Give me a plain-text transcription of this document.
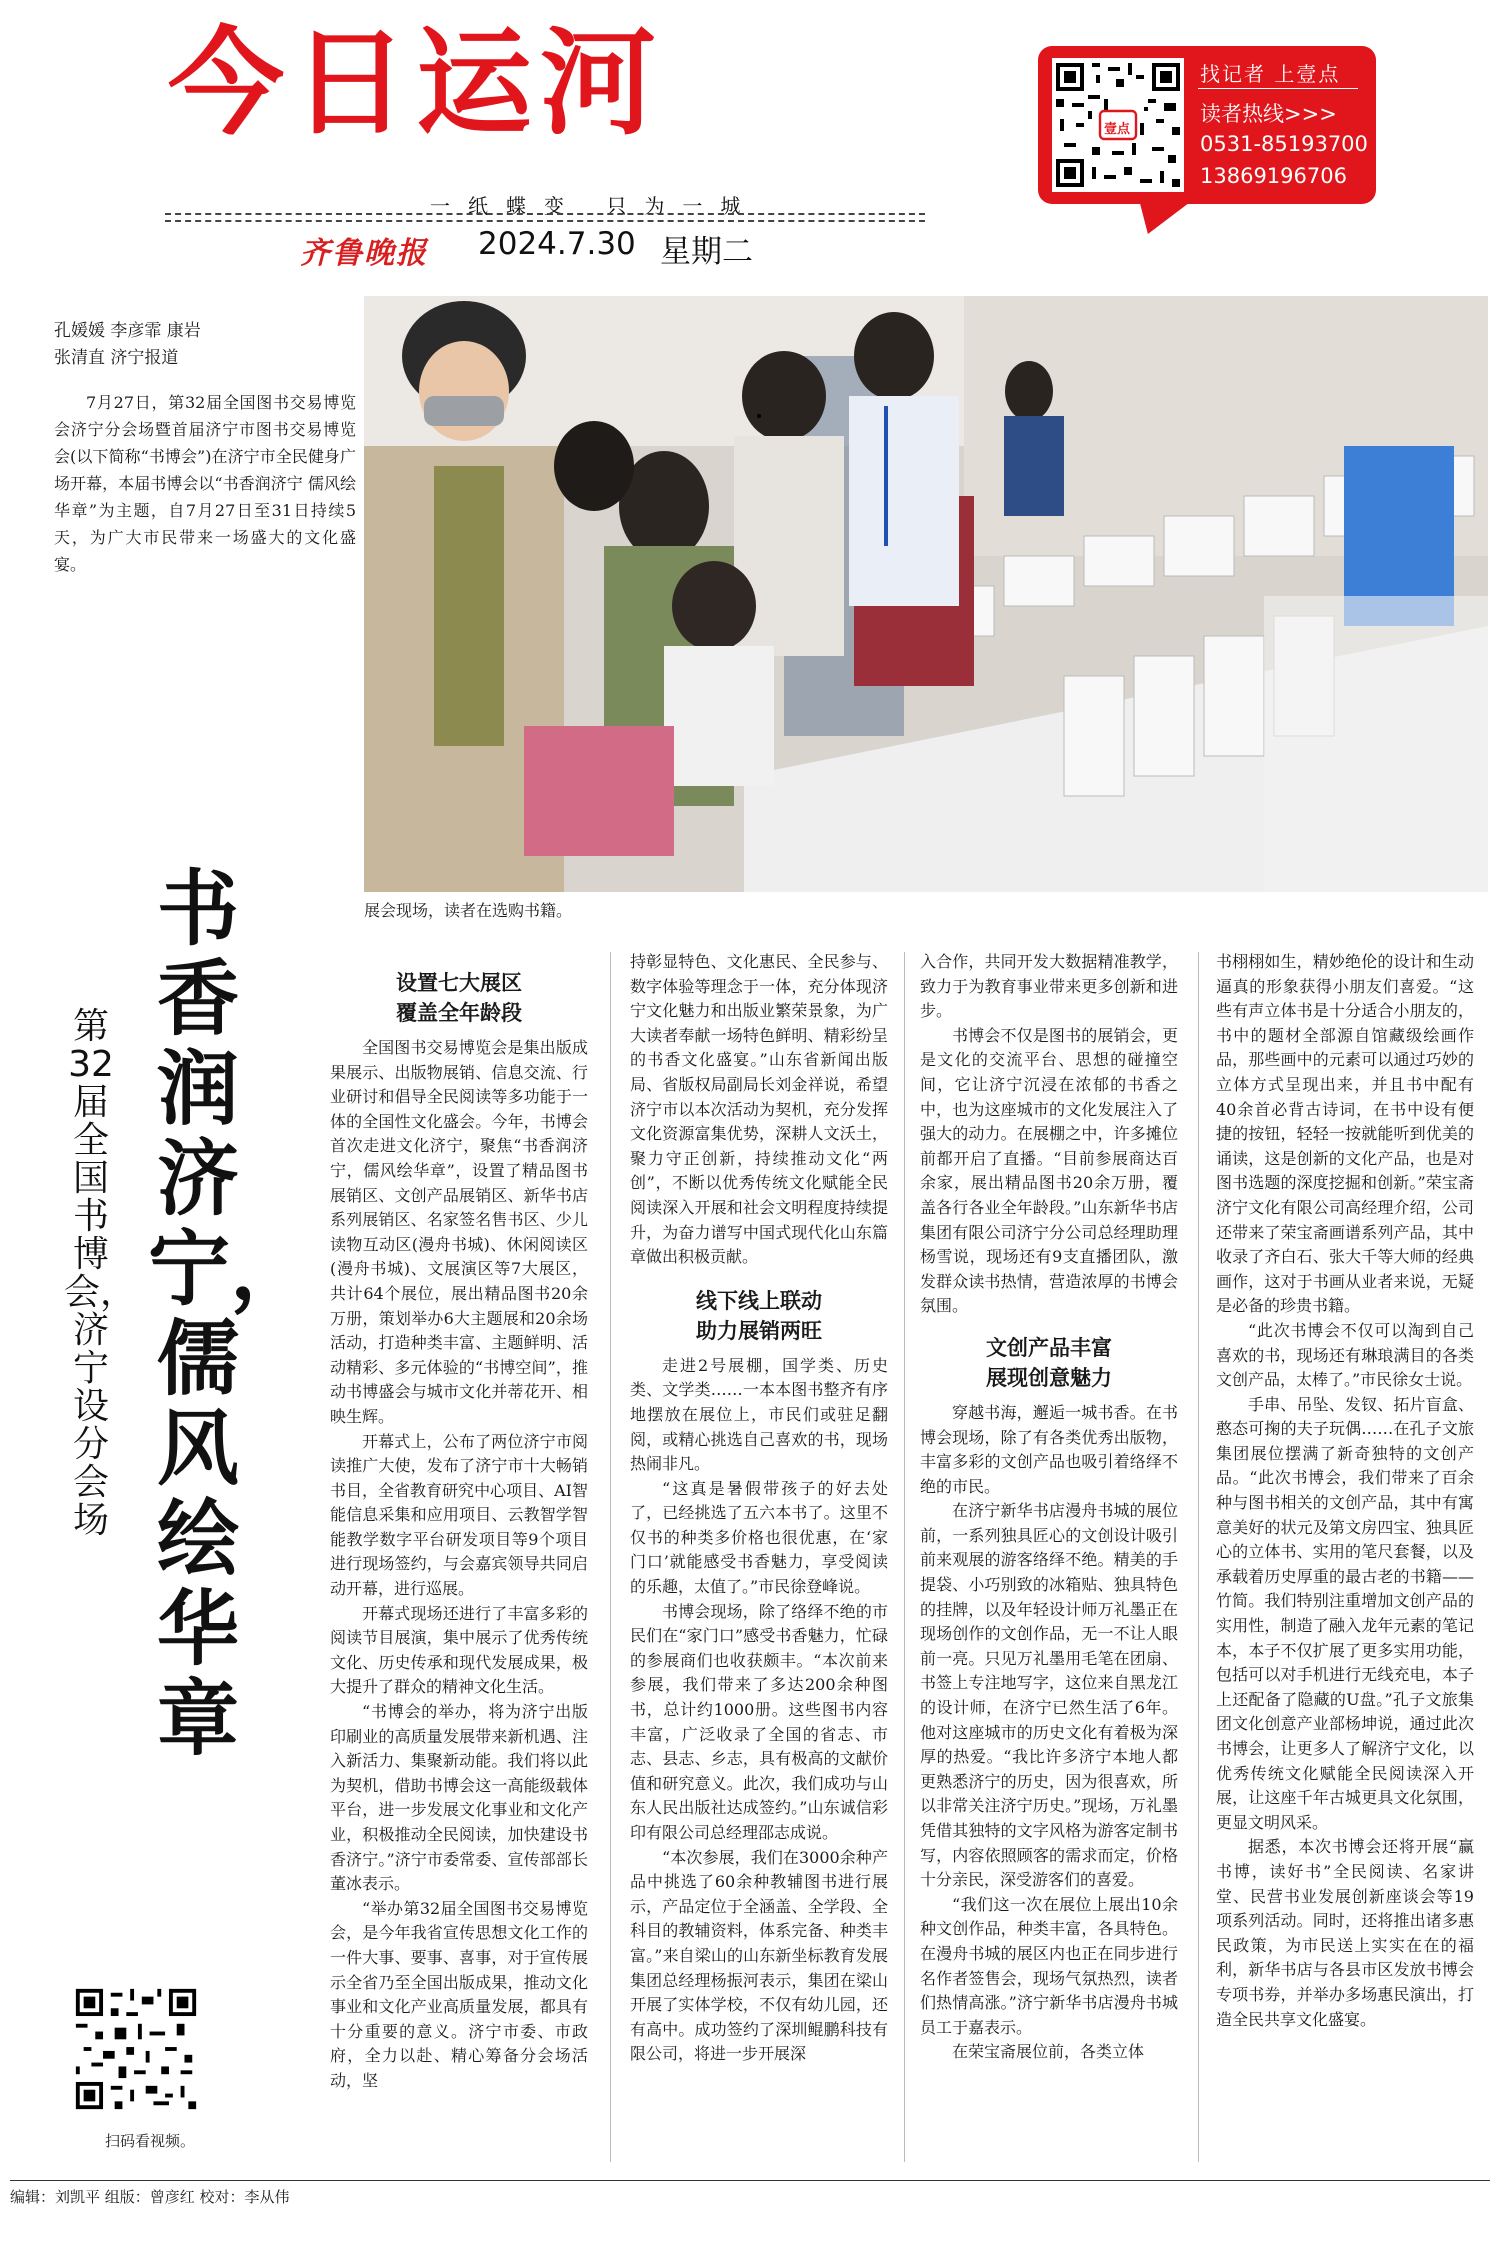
今日运河
一纸蝶变 只为一城
齐鲁晚报 2024.7.30 星期二
壹点
找记者 上壹点
读者热线>>>
0531-85193700
13869196706
孔媛媛 李彦霏 康岩
张清直 济宁报道
7月27日，第32届全国图书交易博览会济宁分会场暨首届济宁市图书交易博览会(以下简称“书博会”)在济宁市全民健身广场开幕，本届书博会以“书香润济宁 儒风绘华章”为主题，自7月27日至31日持续5天，为广大市民带来一场盛大的文化盛宴。
展会现场，读者在选购书籍。
书香润济宁，儒风绘华章
第32届全国书博会，济宁设分会场
设置七大展区
覆盖全年龄段

全国图书交易博览会是集出版成果展示、出版物展销、信息交流、行业研讨和倡导全民阅读等多功能于一体的全国性文化盛会。今年，书博会首次走进文化济宁，聚焦“书香润济宁，儒风绘华章”，设置了精品图书展销区、文创产品展销区、新华书店系列展销区、名家签名售书区、少儿读物互动区(漫舟书城)、休闲阅读区(漫舟书城)、文展演区等7大展区，共计64个展位，展出精品图书20余万册，策划举办6大主题展和20余场活动，打造种类丰富、主题鲜明、活动精彩、多元体验的“书博空间”，推动书博盛会与城市文化并蒂花开、相映生辉。

开幕式上，公布了两位济宁市阅读推广大使，发布了济宁市十大畅销书目，全省教育研究中心项目、AI智能信息采集和应用项目、云教智学智能教学数字平台研发项目等9个项目进行现场签约，与会嘉宾领导共同启动开幕，进行巡展。

开幕式现场还进行了丰富多彩的阅读节目展演，集中展示了优秀传统文化、历史传承和现代发展成果，极大提升了群众的精神文化生活。

“书博会的举办，将为济宁出版印刷业的高质量发展带来新机遇、注入新活力、集聚新动能。我们将以此为契机，借助书博会这一高能级载体平台，进一步发展文化事业和文化产业，积极推动全民阅读，加快建设书香济宁。”济宁市委常委、宣传部部长董冰表示。

“举办第32届全国图书交易博览会，是今年我省宣传思想文化工作的一件大事、要事、喜事，对于宣传展示全省乃至全国出版成果，推动文化事业和文化产业高质量发展，都具有十分重要的意义。济宁市委、市政府，全力以赴、精心筹备分会场活动，坚

持彰显特色、文化惠民、全民参与、数字体验等理念于一体，充分体现济宁文化魅力和出版业繁荣景象，为广大读者奉献一场特色鲜明、精彩纷呈的书香文化盛宴。”山东省新闻出版局、省版权局副局长刘金祥说，希望济宁市以本次活动为契机，充分发挥文化资源富集优势，深耕人文沃土，聚力守正创新，持续推动文化“两创”，不断以优秀传统文化赋能全民阅读深入开展和社会文明程度持续提升，为奋力谱写中国式现代化山东篇章做出积极贡献。

线下线上联动
助力展销两旺

走进2号展棚，国学类、历史类、文学类……一本本图书整齐有序地摆放在展位上，市民们或驻足翻阅，或精心挑选自己喜欢的书，现场热闹非凡。

“这真是暑假带孩子的好去处了，已经挑选了五六本书了。这里不仅书的种类多价格也很优惠，在‘家门口’就能感受书香魅力，享受阅读的乐趣，太值了。”市民徐登峰说。

书博会现场，除了络绎不绝的市民们在“家门口”感受书香魅力，忙碌的参展商们也收获颇丰。“本次前来参展，我们带来了多达200余种图书，总计约1000册。这些图书内容丰富，广泛收录了全国的省志、市志、县志、乡志，具有极高的文献价值和研究意义。此次，我们成功与山东人民出版社达成签约。”山东诚信彩印有限公司总经理邵志成说。

“本次参展，我们在3000余种产品中挑选了60余种教辅图书进行展示，产品定位于全涵盖、全学段、全科目的教辅资料，体系完备、种类丰富。”来自梁山的山东新坐标教育发展集团总经理杨振河表示，集团在梁山开展了实体学校，不仅有幼儿园，还有高中。成功签约了深圳鲲鹏科技有限公司，将进一步开展深

入合作，共同开发大数据精准教学，致力于为教育事业带来更多创新和进步。

书博会不仅是图书的展销会，更是文化的交流平台、思想的碰撞空间，它让济宁沉浸在浓郁的书香之中，也为这座城市的文化发展注入了强大的动力。在展棚之中，许多摊位前都开启了直播。“目前参展商达百余家，展出精品图书20余万册，覆盖各行各业全年龄段。”山东新华书店集团有限公司济宁分公司总经理助理杨雪说，现场还有9支直播团队，激发群众读书热情，营造浓厚的书博会氛围。

文创产品丰富
展现创意魅力

穿越书海，邂逅一城书香。在书博会现场，除了有各类优秀出版物，丰富多彩的文创产品也吸引着络绎不绝的市民。

在济宁新华书店漫舟书城的展位前，一系列独具匠心的文创设计吸引前来观展的游客络绎不绝。精美的手提袋、小巧别致的冰箱贴、独具特色的挂牌，以及年轻设计师万礼墨正在现场创作的文创作品，无一不让人眼前一亮。只见万礼墨用毛笔在团扇、书签上专注地写字，这位来自黑龙江的设计师，在济宁已然生活了6年。他对这座城市的历史文化有着极为深厚的热爱。“我比许多济宁本地人都更熟悉济宁的历史，因为很喜欢，所以非常关注济宁历史。”现场，万礼墨凭借其独特的文字风格为游客定制书写，内容依照顾客的需求而定，价格十分亲民，深受游客们的喜爱。

“我们这一次在展位上展出10余种文创作品，种类丰富，各具特色。在漫舟书城的展区内也正在同步进行名作者签售会，现场气氛热烈，读者们热情高涨。”济宁新华书店漫舟书城员工于嘉表示。

在荣宝斋展位前，各类立体

书栩栩如生，精妙绝伦的设计和生动逼真的形象获得小朋友们喜爱。“这些有声立体书是十分适合小朋友的，书中的题材全部源自馆藏级绘画作品，那些画中的元素可以通过巧妙的立体方式呈现出来，并且书中配有40余首必背古诗词，在书中设有便捷的按钮，轻轻一按就能听到优美的诵读，这是创新的文化产品，也是对图书选题的深度挖掘和创新。”荣宝斋济宁文化有限公司高经理介绍，公司还带来了荣宝斋画谱系列产品，其中收录了齐白石、张大千等大师的经典画作，这对于书画从业者来说，无疑是必备的珍贵书籍。

“此次书博会不仅可以淘到自己喜欢的书，现场还有琳琅满目的各类文创产品，太棒了。”市民徐女士说。

手串、吊坠、发钗、拓片盲盒、憨态可掬的夫子玩偶……在孔子文旅集团展位摆满了新奇独特的文创产品。“此次书博会，我们带来了百余种与图书相关的文创产品，其中有寓意美好的状元及第文房四宝、独具匠心的立体书、实用的笔尺套餐，以及承载着历史厚重的最古老的书籍——竹简。我们特别注重增加文创产品的实用性，制造了融入龙年元素的笔记本，本子不仅扩展了更多实用功能，包括可以对手机进行无线充电，本子上还配备了隐藏的U盘。”孔子文旅集团文化创意产业部杨坤说，通过此次书博会，让更多人了解济宁文化，以优秀传统文化赋能全民阅读深入开展，让这座千年古城更具文化氛围，更显文明风采。

据悉，本次书博会还将开展“赢书博，读好书”全民阅读、名家讲堂、民营书业发展创新座谈会等19项系列活动。同时，还将推出诸多惠民政策，为市民送上实实在在的福利，新华书店与各县市区发放书博会专项书券，并举办多场惠民演出，打造全民共享文化盛宴。

扫码看视频。
编辑：刘凯平 组版：曾彦红 校对：李从伟
